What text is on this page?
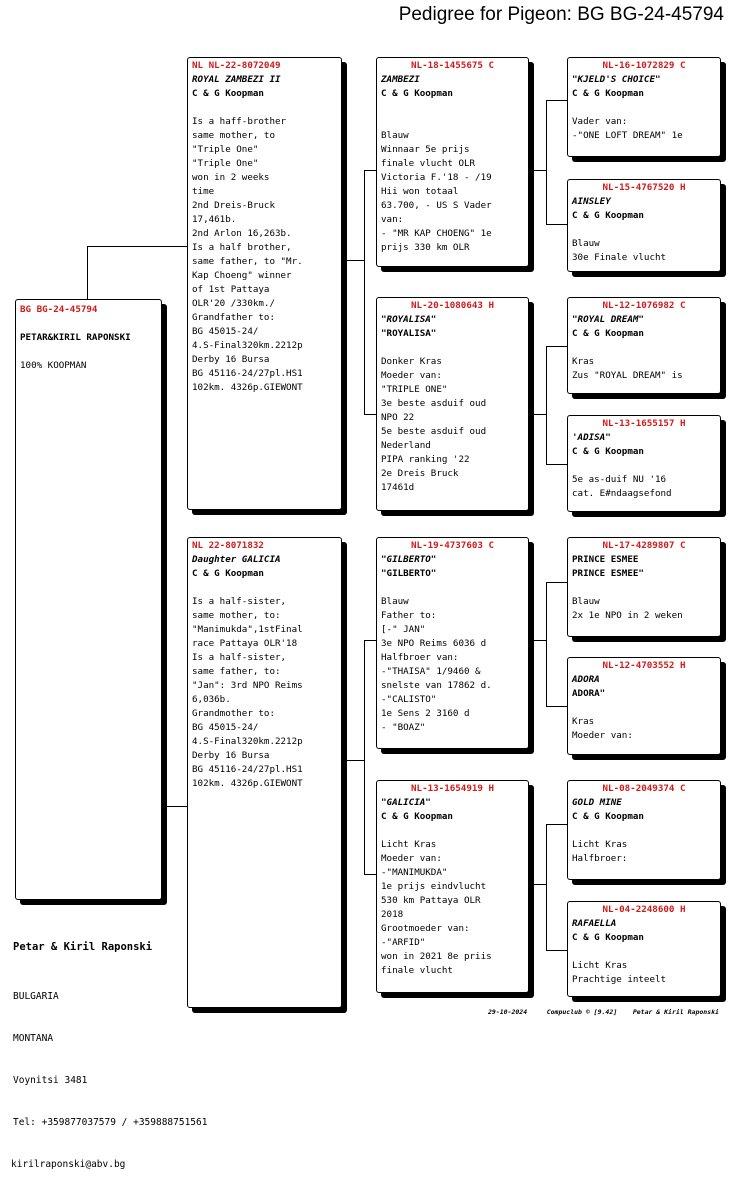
Pedigree for Pigeon: BG BG-24-45794
BG BG-24-45794
PETAR&KIRIL RAPONSKI
100% KOOPMAN
NL NL-22-8072049
ROYAL ZAMBEZI II
C & G Koopman
Is a haff-brother
same mother, to
"Triple One"
"Triple One"
won in 2 weeks
time
2nd Dreis-Bruck
17,461b.
2nd Arlon 16,263b.
Is a half brother,
same father, to "Mr.
Kap Choeng" winner
of 1st Pattaya
OLR'20 /330km./
Grandfather to:
BG 45015-24/
4.S-Final320km.2212p
Derby 16 Bursa
BG 45116-24/27pl.HS1
102km. 4326p.GIEWONT
NL 22-8071832
Daughter GALICIA
C & G Koopman
Is a half-sister,
same mother, to:
"Manimukda",1stFinal
race Pattaya OLR'18
Is a half-sister,
same father, to:
"Jan": 3rd NPO Reims
6,036b.
Grandmother to:
BG 45015-24/
4.S-Final320km.2212p
Derby 16 Bursa
BG 45116-24/27pl.HS1
102km. 4326p.GIEWONT
NL-18-1455675 C
ZAMBEZI
C & G Koopman
Blauw
Winnaar 5e prijs
finale vlucht OLR
Victoria F.'18 - /19
Hii won totaal
63.700, - US S Vader
van:
- "MR KAP CHOENG" 1e
prijs 330 km OLR
NL-20-1080643 H
"ROYALISA"
"ROYALISA"
Donker Kras
Moeder van:
"TRIPLE ONE"
3e beste asduif oud
NPO 22
5e beste asduif oud
Nederland
PIPA ranking '22
2e Dreis Bruck
17461d
NL-19-4737603 C
"GILBERTO"
"GILBERTO"
Blauw
Father to:
[-" JAN"
3e NPO Reims 6036 d
Halfbroer van:
-"THAISA" 1/9460 &
snelste van 17862 d.
-"CALISTO"
1e Sens 2 3160 d
- "BOAZ"
NL-13-1654919 H
"GALICIA"
C & G Koopman
Licht Kras
Moeder van:
-"MANIMUKDA"
1e prijs eindvlucht
530 km Pattaya OLR
2018
Grootmoeder van:
-"ARFID"
won in 2021 8e priis
finale vlucht
NL-16-1072829 C
"KJELD'S CHOICE"
C & G Koopman
Vader van:
-"ONE LOFT DREAM" 1e
NL-15-4767520 H
AINSLEY
C & G Koopman
Blauw
30e Finale vlucht
NL-12-1076982 C
"ROYAL DREAM"
C & G Koopman
Kras
Zus "ROYAL DREAM" is
NL-13-1655157 H
'ADISA"
C & G Koopman
5e as-duif NU '16
cat. E#ndaagsefond
NL-17-4289807 C
PRINCE ESMEE
PRINCE ESMEE"
Blauw
2x 1e NPO in 2 weken
NL-12-4703552 H
ADORA
ADORA"
Kras
Moeder van:
NL-08-2049374 C
GOLD MINE
C & G Koopman
Licht Kras
Halfbroer:
NL-04-2248600 H
RAFAELLA
C & G Koopman
Licht Kras
Prachtige inteelt

Petar & Kiril Raponski

BULGARIA

MONTANA

Voynitsi 3481

Tel: +359877037579 / +359888751561

kirilraponski@abv.bg

29-10-2024	Compuclub © [9.42] Petar & Kiril Raponski
